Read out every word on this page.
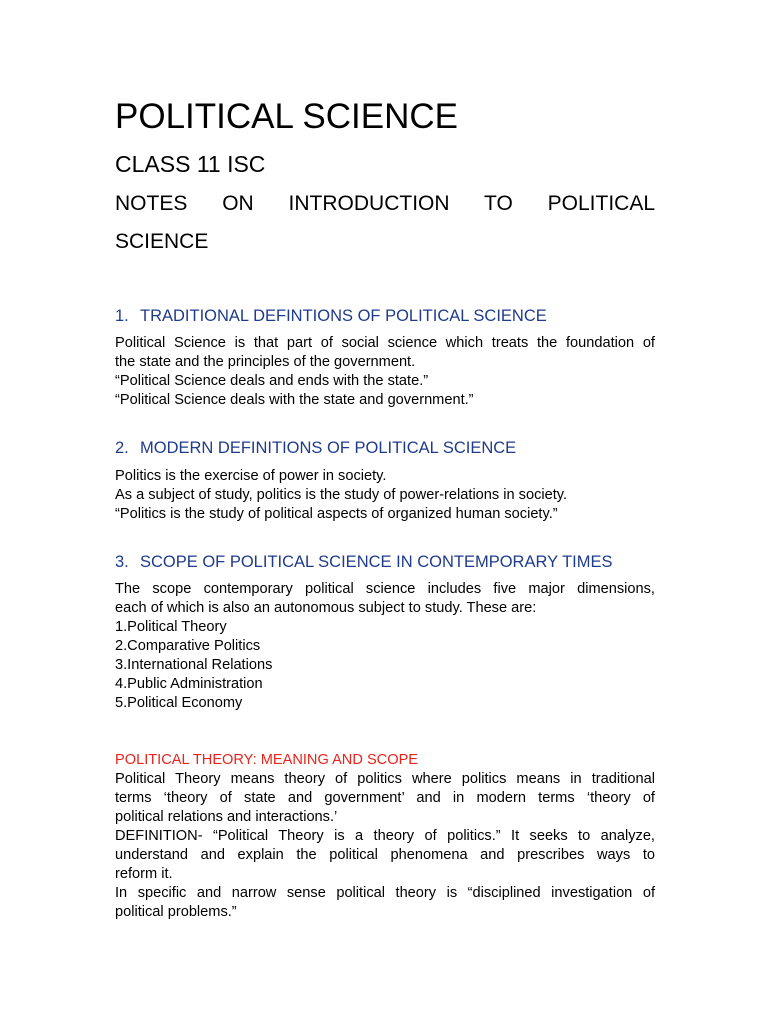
POLITICAL SCIENCE
CLASS 11 ISC
NOTES ON INTRODUCTION TO POLITICAL
SCIENCE
1. TRADITIONAL DEFINTIONS OF POLITICAL SCIENCE
Political Science is that part of social science which treats the foundation of
the state and the principles of the government.
“Political Science deals and ends with the state.”
“Political Science deals with the state and government.”
2. MODERN DEFINITIONS OF POLITICAL SCIENCE
Politics is the exercise of power in society.
As a subject of study, politics is the study of power-relations in society.
“Politics is the study of political aspects of organized human society.”
3. SCOPE OF POLITICAL SCIENCE IN CONTEMPORARY TIMES
The scope contemporary political science includes five major dimensions,
each of which is also an autonomous subject to study. These are:
1.Political Theory
2.Comparative Politics
3.International Relations
4.Public Administration
5.Political Economy
POLITICAL THEORY: MEANING AND SCOPE
Political Theory means theory of politics where politics means in traditional
terms ‘theory of state and government’ and in modern terms ‘theory of
political relations and interactions.’
DEFINITION- “Political Theory is a theory of politics.” It seeks to analyze,
understand and explain the political phenomena and prescribes ways to
reform it.
In specific and narrow sense political theory is “disciplined investigation of
political problems.”
